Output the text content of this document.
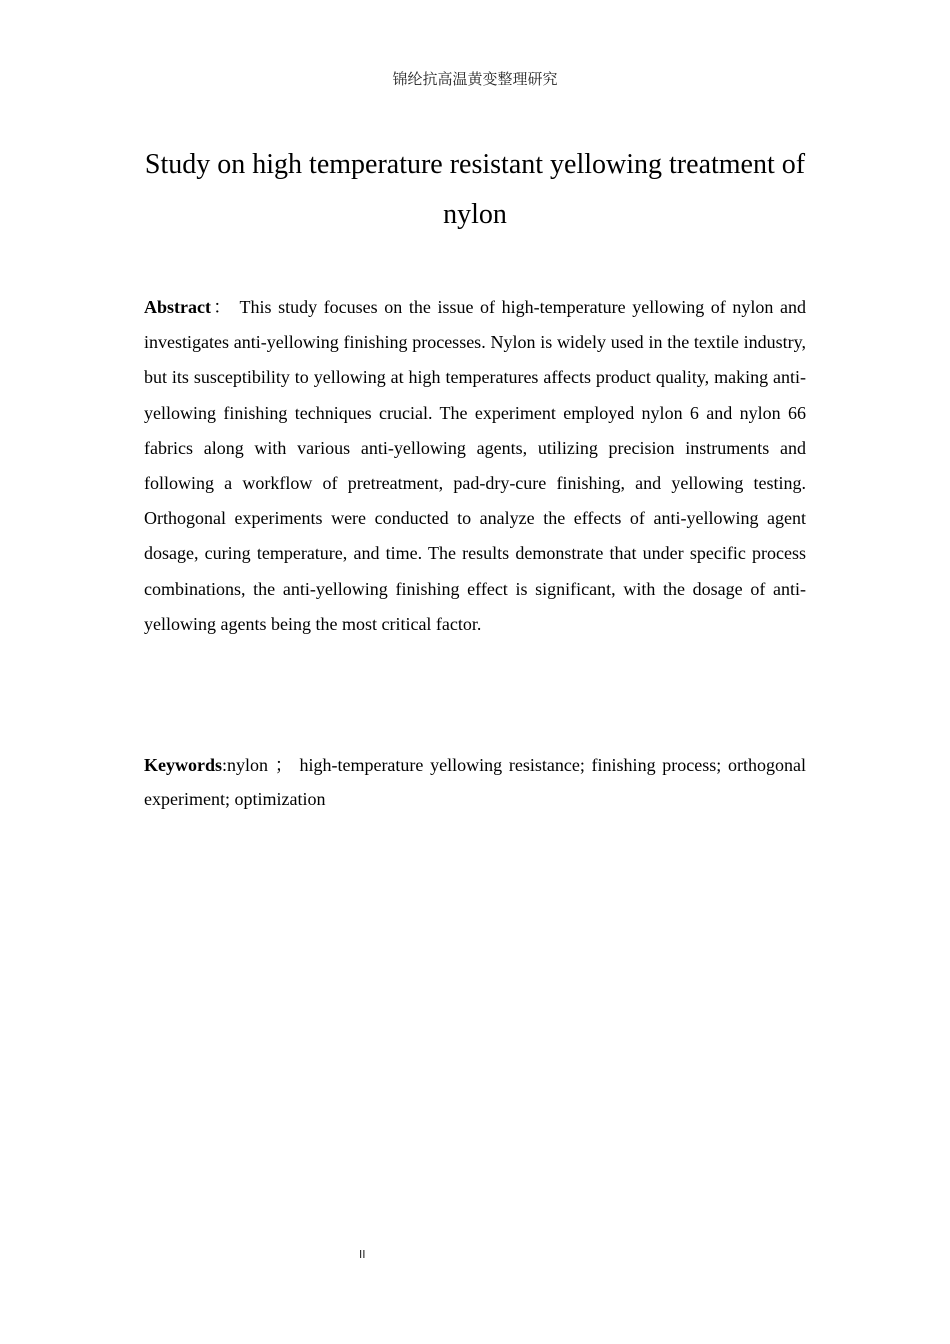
锦纶抗高温黄变整理研究
Study on high temperature resistant yellowing treatment of nylon

Abstract： This study focuses on the issue of high-temperature yellowing of nylon and investigates anti-yellowing finishing processes. Nylon is widely used in the textile industry, but its susceptibility to yellowing at high temperatures affects product quality, making anti-yellowing finishing techniques crucial. The experiment employed nylon 6 and nylon 66 fabrics along with various anti-yellowing agents, utilizing precision instruments and following a workflow of pretreatment, pad-dry-cure finishing, and yellowing testing. Orthogonal experiments were conducted to analyze the effects of anti-yellowing agent dosage, curing temperature, and time. The results demonstrate that under specific process combinations, the anti-yellowing finishing effect is significant, with the dosage of anti-yellowing agents being the most critical factor.

Keywords:nylon ； high-temperature yellowing resistance; finishing process; orthogonal experiment; optimization

II
